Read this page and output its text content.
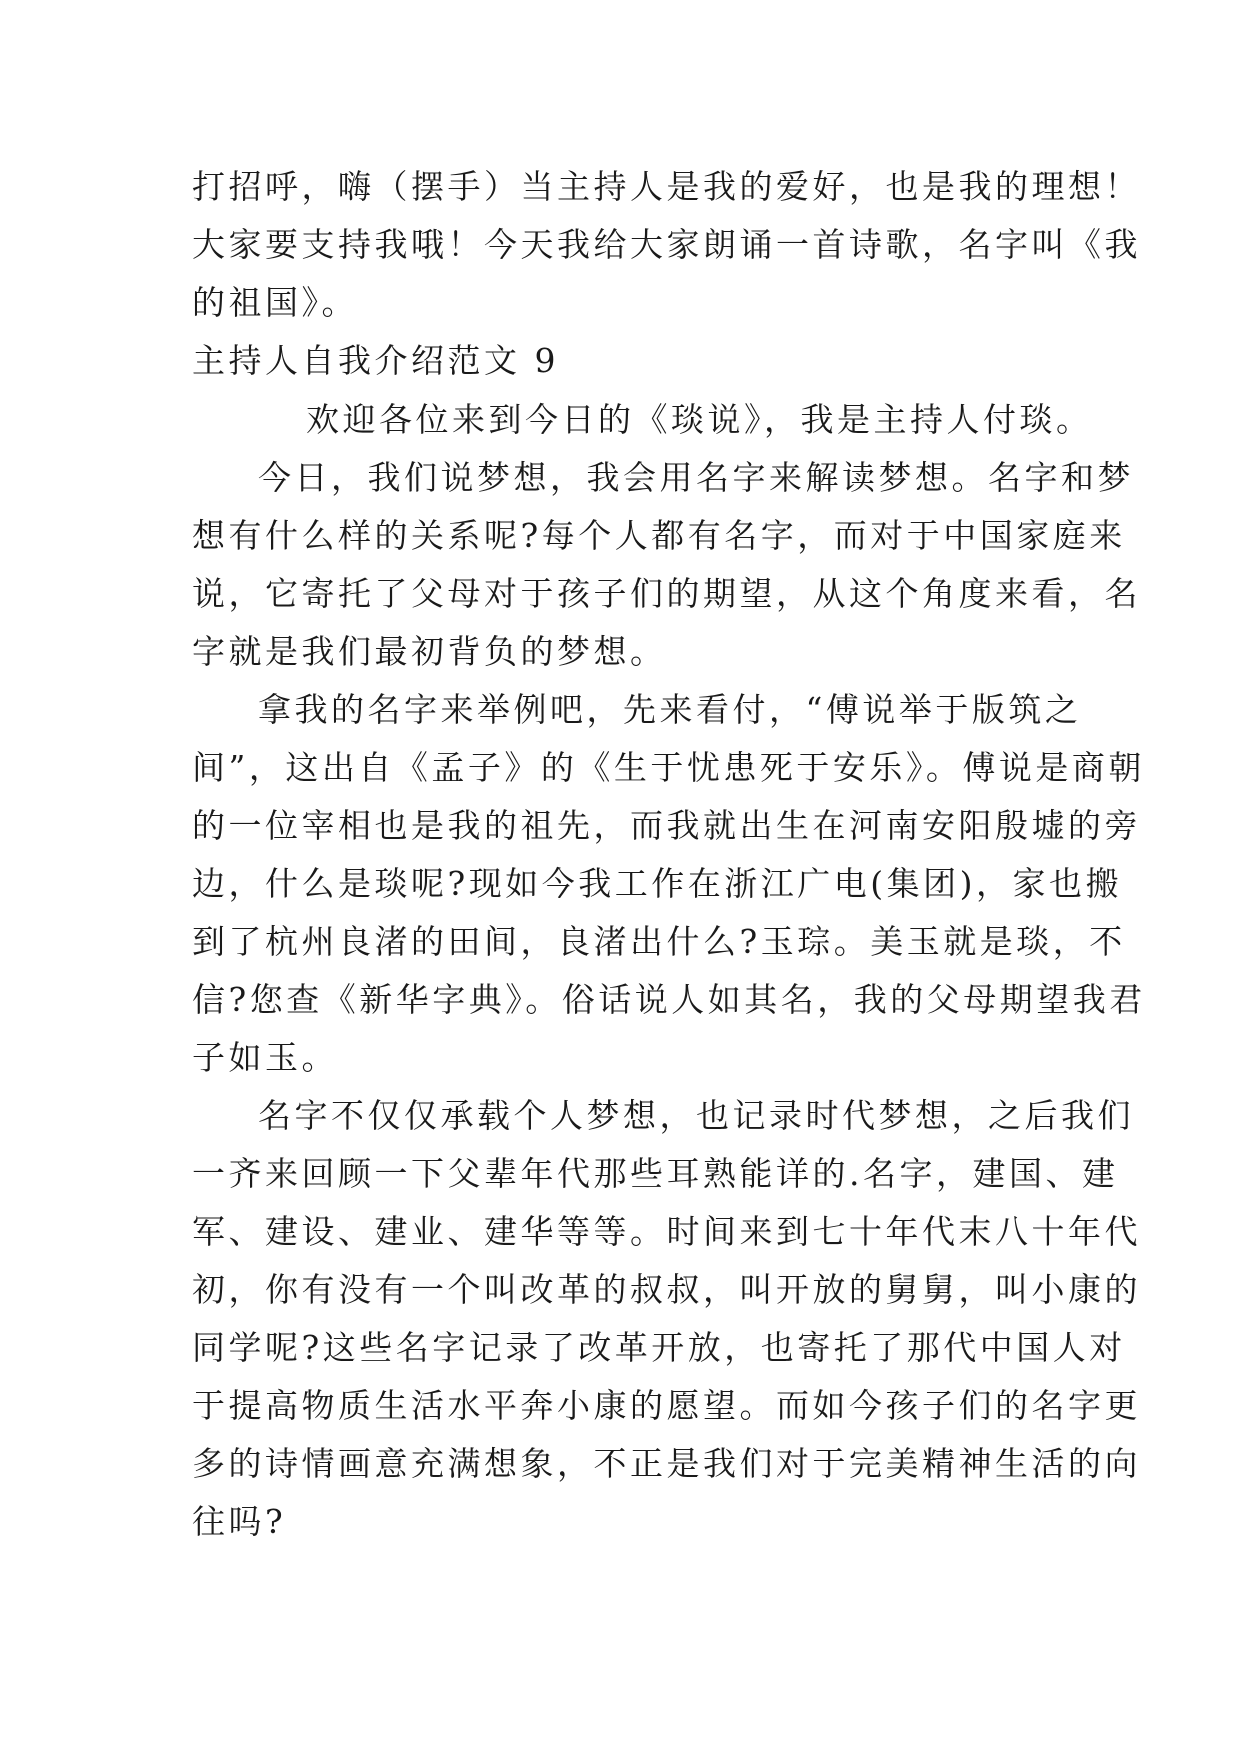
打招呼，嗨（摆手）当主持人是我的爱好，也是我的理想！

大家要支持我哦！今天我给大家朗诵一首诗歌，名字叫《我

的祖国》。

主持人自我介绍范文 9

欢迎各位来到今日的《琰说》，我是主持人付琰。

今日，我们说梦想，我会用名字来解读梦想。名字和梦

想有什么样的关系呢?每个人都有名字，而对于中国家庭来

说，它寄托了父母对于孩子们的期望，从这个角度来看，名

字就是我们最初背负的梦想。

拿我的名字来举例吧，先来看付，“傅说举于版筑之

间”，这出自《孟子》的《生于忧患死于安乐》。傅说是商朝

的一位宰相也是我的祖先，而我就出生在河南安阳殷墟的旁

边，什么是琰呢?现如今我工作在浙江广电(集团)，家也搬

到了杭州良渚的田间，良渚出什么?玉琮。美玉就是琰，不

信?您查《新华字典》。俗话说人如其名，我的父母期望我君

子如玉。

名字不仅仅承载个人梦想，也记录时代梦想，之后我们

一齐来回顾一下父辈年代那些耳熟能详的.名字，建国、建

军、建设、建业、建华等等。时间来到七十年代末八十年代

初，你有没有一个叫改革的叔叔，叫开放的舅舅，叫小康的

同学呢?这些名字记录了改革开放，也寄托了那代中国人对

于提高物质生活水平奔小康的愿望。而如今孩子们的名字更

多的诗情画意充满想象，不正是我们对于完美精神生活的向

往吗?
